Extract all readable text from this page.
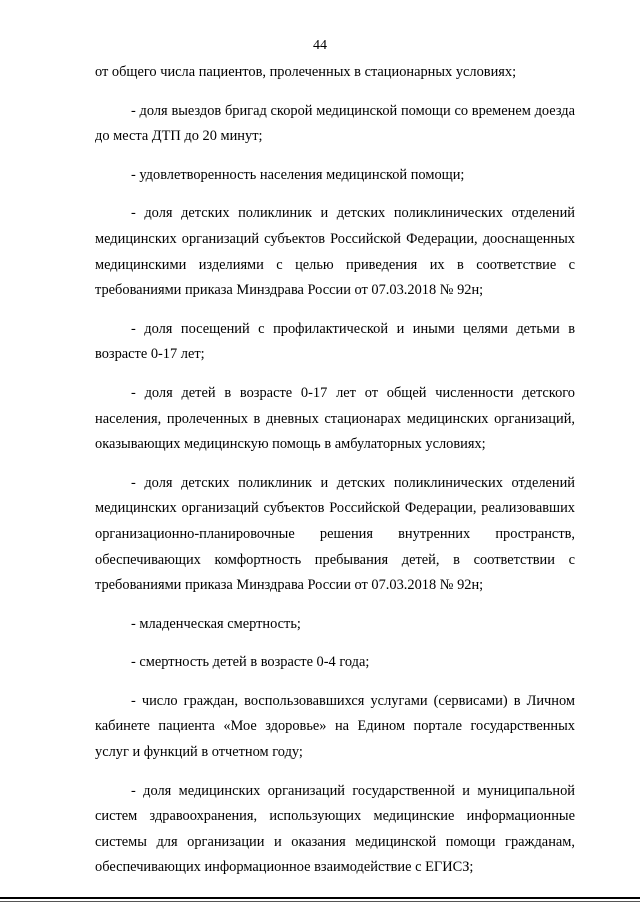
44

от общего числа пациентов, пролеченных в стационарных условиях;

- доля выездов бригад скорой медицинской помощи со временем доезда до места ДТП до 20 минут;

- удовлетворенность населения медицинской помощи;

- доля детских поликлиник и детских поликлинических отделений медицинских организаций субъектов Российской Федерации, дооснащенных медицинскими изделиями с целью приведения их в соответствие с требованиями приказа Минздрава России от 07.03.2018 № 92н;

- доля посещений с профилактической и иными целями детьми в возрасте 0-17 лет;

- доля детей в возрасте 0-17 лет от общей численности детского населения, пролеченных в дневных стационарах медицинских организаций, оказывающих медицинскую помощь в амбулаторных условиях;

- доля детских поликлиник и детских поликлинических отделений медицинских организаций субъектов Российской Федерации, реализовавших организационно-планировочные решения внутренних пространств, обеспечивающих комфортность пребывания детей, в соответствии с требованиями приказа Минздрава России от 07.03.2018 № 92н;

- младенческая смертность;

- смертность детей в возрасте 0-4 года;

- число граждан, воспользовавшихся услугами (сервисами) в Личном кабинете пациента «Мое здоровье» на Едином портале государственных услуг и функций в отчетном году;

- доля медицинских организаций государственной и муниципальной систем здравоохранения, использующих медицинские информационные системы для организации и оказания медицинской помощи гражданам, обеспечивающих информационное взаимодействие с ЕГИСЗ;
